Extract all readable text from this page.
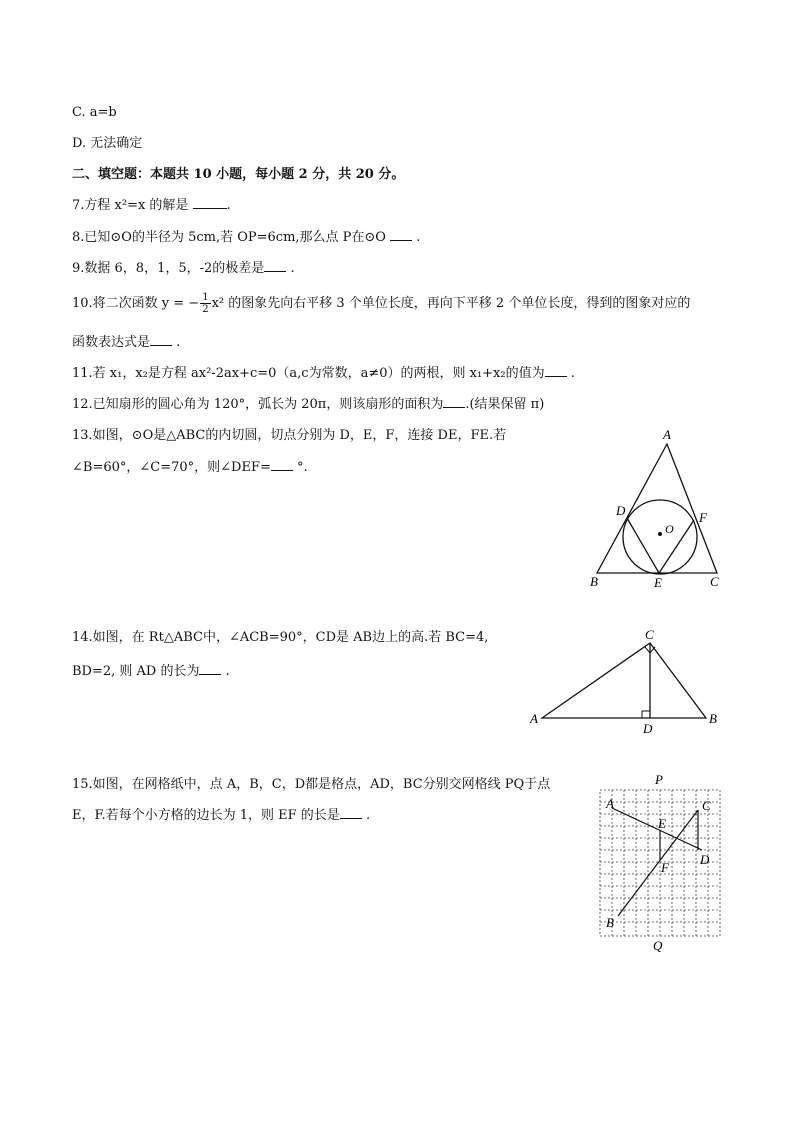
C. a=b
D. 无法确定
二、填空题：本题共 10 小题，每小题 2 分，共 20 分。
7.方程 x²=x 的解是	.
8.已知⊙O的半径为 5cm,若 OP=6cm,那么点 P在⊙O .
9.数据 6，8，1，5，-2的极差是 .
10.将二次函数 y = − $\frac{1}{2} x^2$ 的图象先向右平移 3 个单位长度，再向下平移 2 个单位长度，得到的图象对应的
函数表达式是 .
11.若 x₁，x₂是方程 ax²-2ax+c=0（a,c为常数，a≠0）的两根，则 x₁+x₂的值为 .
12.已知扇形的圆心角为 120°，弧长为 20π，则该扇形的面积为 .(结果保留 π)
13.如图，⊙O是△ABC的内切圆，切点分别为 D，E，F，连接 DE，FE.若
∠B=60°，∠C=70°，则∠DEF= °.
A
B	C
D
E
F
O
14.如图，在 Rt△ABC中，∠ACB=90°，CD是 AB边上的高.若 BC=4,
BD=2, 则 AD 的长为 .
A	B
C
D
15.如图，在网格纸中，点 A，B，C，D都是格点，AD，BC分别交网格线 PQ于点
E，F.若每个小方格的边长为 1，则 EF 的长是 .
P
Q
A
B
C
D
E
F
